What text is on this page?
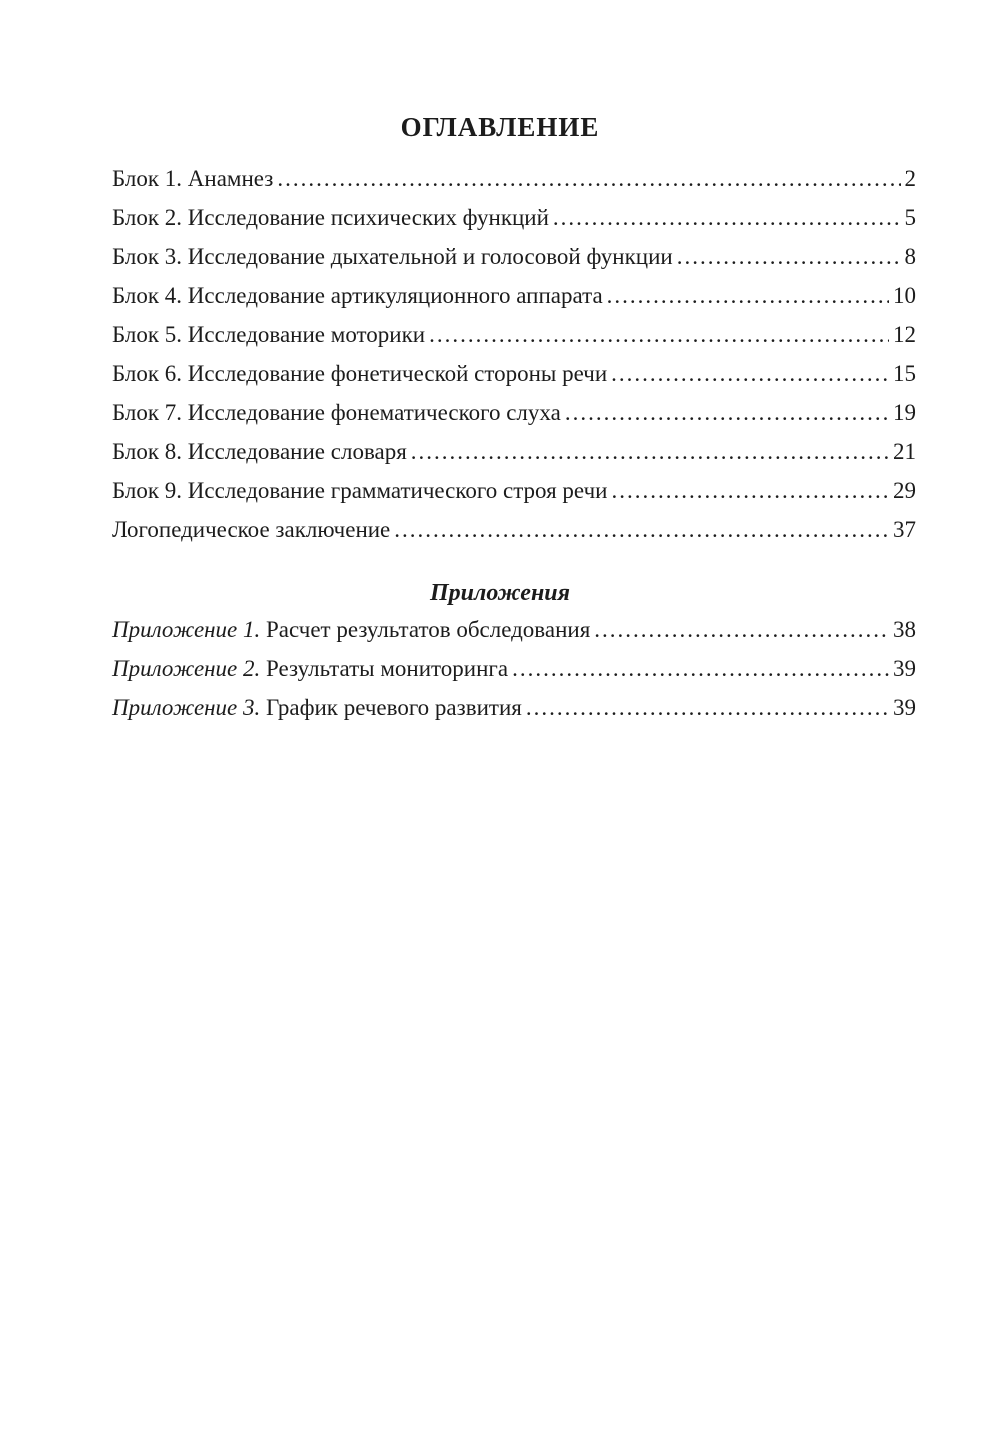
ОГЛАВЛЕНИЕ
Блок 1. Анамнез .....	2
Блок 2. Исследование психических функций .....	5
Блок 3. Исследование дыхательной и голосовой функции .....	8
Блок 4. Исследование артикуляционного аппарата .....	10
Блок 5. Исследование моторики .....	12
Блок 6. Исследование фонетической стороны речи .....	15
Блок 7. Исследование фонематического слуха .....	19
Блок 8. Исследование словаря .....	21
Блок 9. Исследование грамматического строя речи .....	29
Логопедическое заключение .....	37
Приложения
Приложение 1. Расчет результатов обследования .....	38
Приложение 2. Результаты мониторинга .....	39
Приложение 3. График речевого развития .....	39
